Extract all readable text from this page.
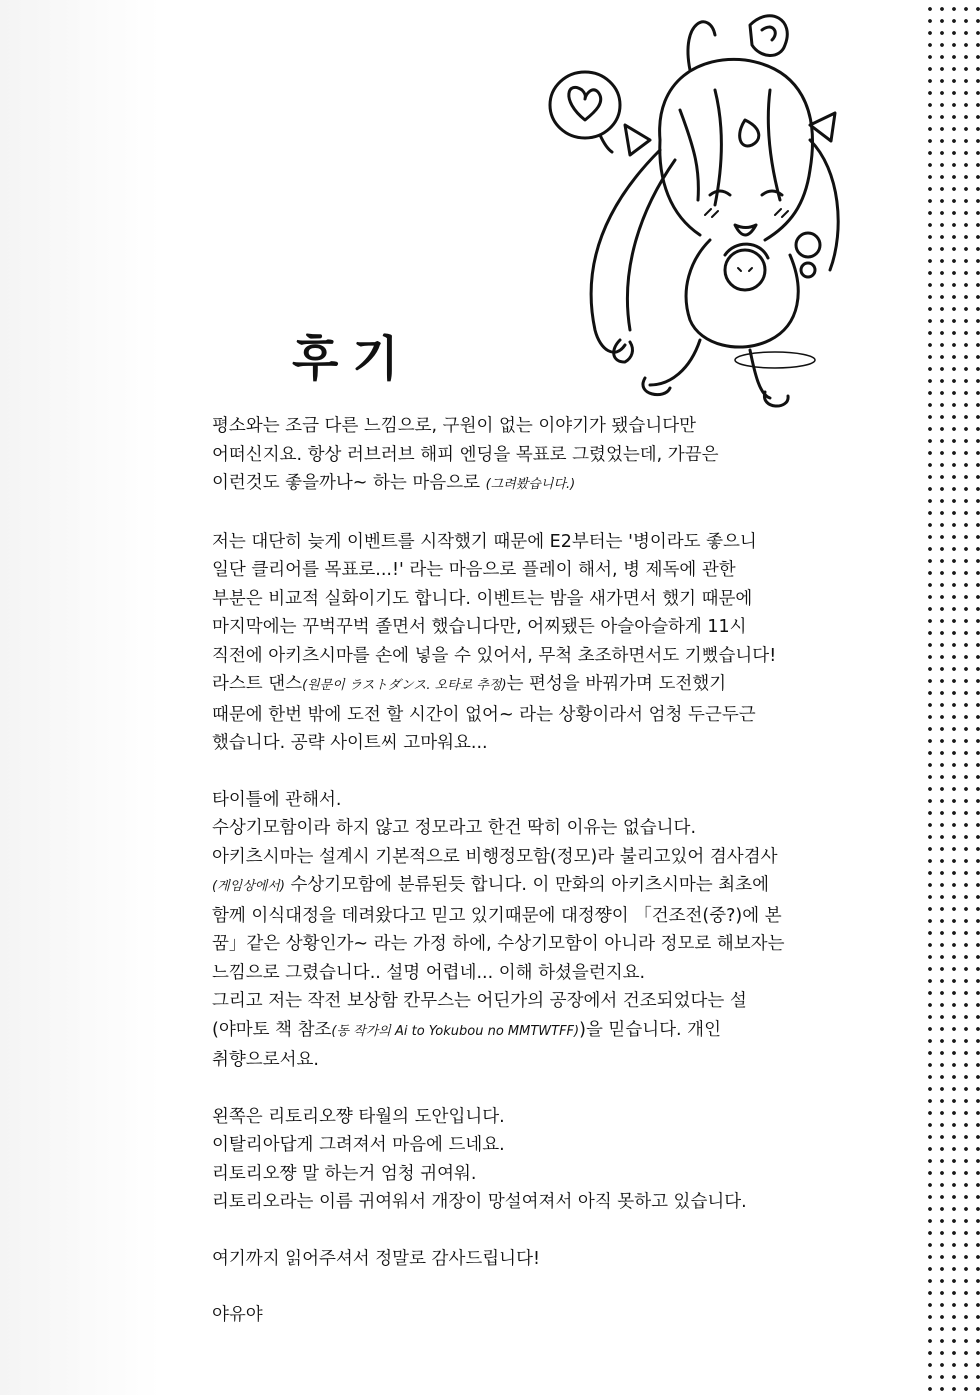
후기
평소와는 조금 다른 느낌으로, 구원이 없는 이야기가 됐습니다만
어떠신지요. 항상 러브러브 해피 엔딩을 목표로 그렸었는데, 가끔은
이런것도 좋을까나~ 하는 마음으로 (그려봤습니다.)
저는 대단히 늦게 이벤트를 시작했기 때문에 E2부터는 '병이라도 좋으니
일단 클리어를 목표로...!' 라는 마음으로 플레이 해서, 병 제독에 관한
부분은 비교적 실화이기도 합니다. 이벤트는 밤을 새가면서 했기 때문에
마지막에는 꾸벅꾸벅 졸면서 했습니다만, 어찌됐든 아슬아슬하게 11시
직전에 아키츠시마를 손에 넣을 수 있어서, 무척 초조하면서도 기뻤습니다!
라스트 댄스(원문이 ラストダンス. 오타로 추정)는 편성을 바꿔가며 도전했기
때문에 한번 밖에 도전 할 시간이 없어~ 라는 상황이라서 엄청 두근두근
했습니다. 공략 사이트씨 고마워요...
타이틀에 관해서.
수상기모함이라 하지 않고 정모라고 한건 딱히 이유는 없습니다.
아키츠시마는 설계시 기본적으로 비행정모함(정모)라 불리고있어 겸사겸사
(게임상에서) 수상기모함에 분류된듯 합니다. 이 만화의 아키츠시마는 최초에
함께 이식대정을 데려왔다고 믿고 있기때문에 대정쨩이 「건조전(중?)에 본
꿈」같은 상황인가~ 라는 가정 하에, 수상기모함이 아니라 정모로 해보자는
느낌으로 그렸습니다.. 설명 어렵네... 이해 하셨을런지요.
그리고 저는 작전 보상함 칸무스는 어딘가의 공장에서 건조되었다는 설
(야마토 책 참조(동 작가의 Ai to Yokubou no MMTWTFF))을 믿습니다. 개인
취향으로서요.
왼쪽은 리토리오쨩 타월의 도안입니다.
이탈리아답게 그려져서 마음에 드네요.
리토리오쨩 말 하는거 엄청 귀여워.
리토리오라는 이름 귀여워서 개장이 망설여져서 아직 못하고 있습니다.
여기까지 읽어주셔서 정말로 감사드립니다!
야유야
